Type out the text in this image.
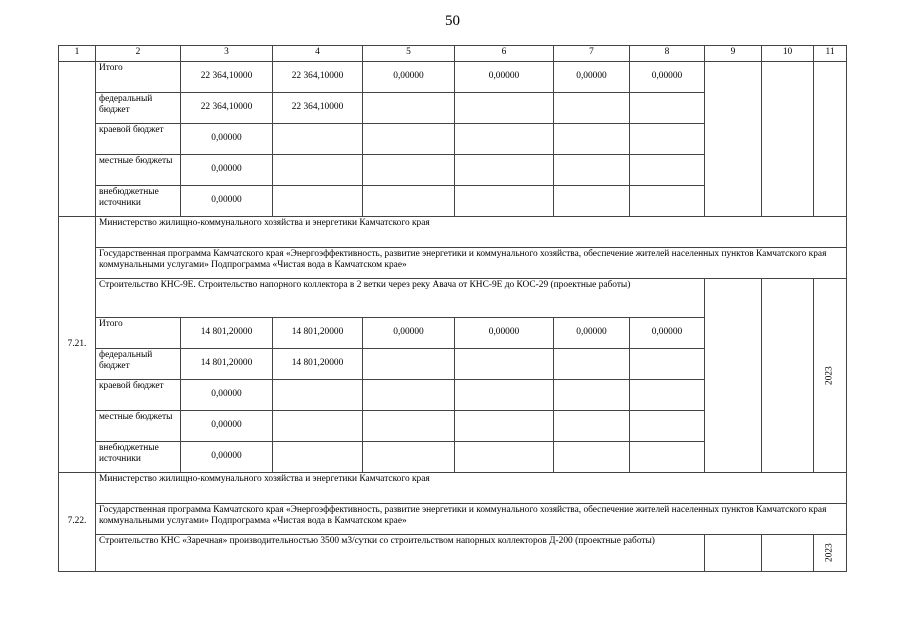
50
1	2	3	4	5	6	7	8	9	10	11
	Итого	22 364,10000	22 364,10000	0,00000	0,00000	0,00000	0,00000			
	федеральный бюджет	22 364,10000	22 364,10000							
	краевой бюджет	0,00000								
	местные бюджеты	0,00000								
	внебюджетные источники	0,00000								
7.21.	Министерство жилищно-коммунального хозяйства и энергетики Камчатского края									
	Государственная программа Камчатского края «Энергоэффективность, развитие энергетики и коммунального хозяйства, обеспечение жителей населенных пунктов Камчатского края коммунальными услугами» Подпрограмма «Чистая вода в Камчатском крае»									
	Строительство КНС-9Е. Строительство напорного коллектора в 2 ветки через реку Авача от КНС-9Е до КОС-29 (проектные работы)									2023
	Итого	14 801,20000	14 801,20000	0,00000	0,00000	0,00000	0,00000			
	федеральный бюджет	14 801,20000	14 801,20000							
	краевой бюджет	0,00000								
	местные бюджеты	0,00000								
	внебюджетные источники	0,00000								
7.22.	Министерство жилищно-коммунального хозяйства и энергетики Камчатского края									
	Государственная программа Камчатского края «Энергоэффективность, развитие энергетики и коммунального хозяйства, обеспечение жителей населенных пунктов Камчатского края коммунальными услугами» Подпрограмма «Чистая вода в Камчатском крае»									
	Строительство КНС «Заречная» производительностью 3500 м3/сутки со строительством напорных коллекторов Д-200 (проектные работы)									2023
